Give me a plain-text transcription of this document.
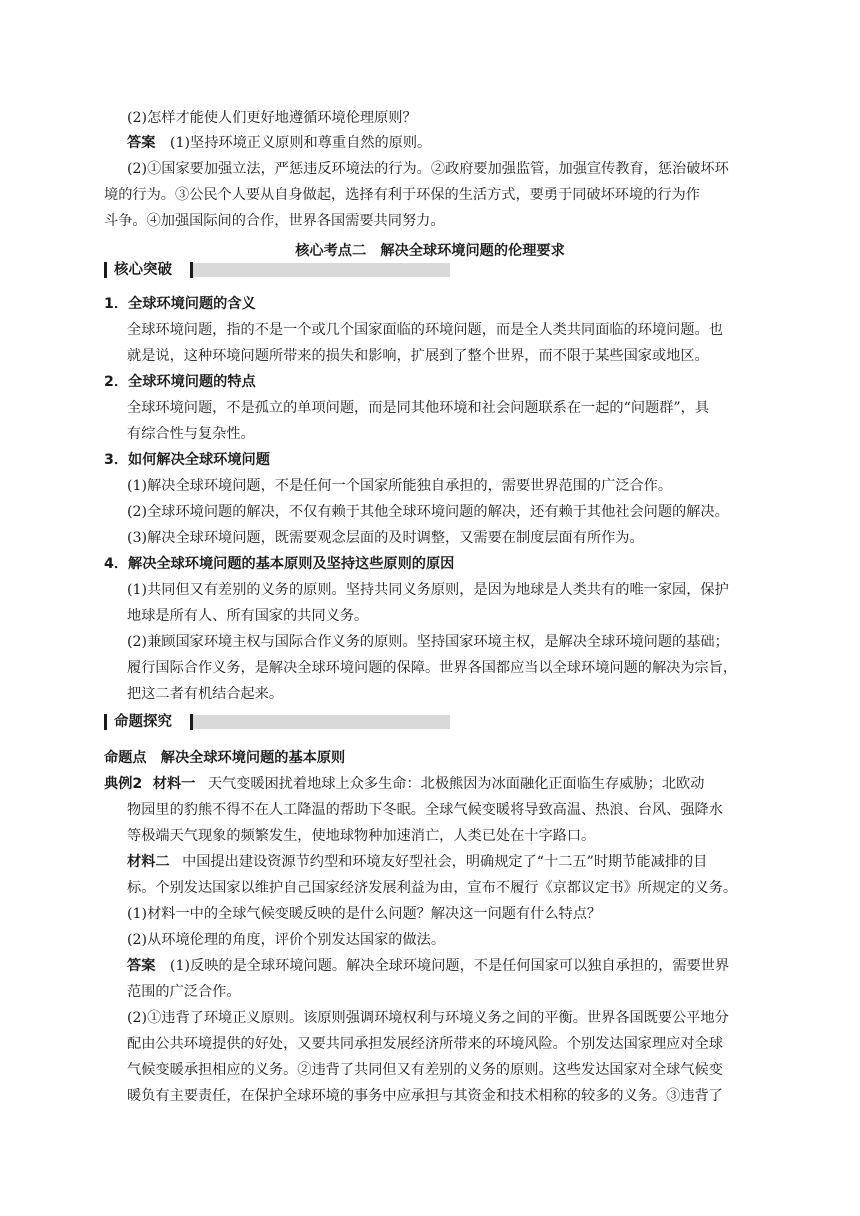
(2)怎样才能使人们更好地遵循环境伦理原则？
答案 (1)坚持环境正义原则和尊重自然的原则。
(2)①国家要加强立法，严惩违反环境法的行为。②政府要加强监管，加强宣传教育，惩治破坏环
境的行为。③公民个人要从自身做起，选择有利于环保的生活方式，要勇于同破坏环境的行为作
斗争。④加强国际间的合作，世界各国需要共同努力。
核心考点二　解决全球环境问题的伦理要求
核心突破
1．全球环境问题的含义
全球环境问题，指的不是一个或几个国家面临的环境问题，而是全人类共同面临的环境问题。也
就是说，这种环境问题所带来的损失和影响，扩展到了整个世界，而不限于某些国家或地区。
2．全球环境问题的特点
全球环境问题，不是孤立的单项问题，而是同其他环境和社会问题联系在一起的“问题群”，具
有综合性与复杂性。
3．如何解决全球环境问题
(1)解决全球环境问题，不是任何一个国家所能独自承担的，需要世界范围的广泛合作。
(2)全球环境问题的解决，不仅有赖于其他全球环境问题的解决，还有赖于其他社会问题的解决。
(3)解决全球环境问题，既需要观念层面的及时调整，又需要在制度层面有所作为。
4．解决全球环境问题的基本原则及坚持这些原则的原因
(1)共同但又有差别的义务的原则。坚持共同义务原则，是因为地球是人类共有的唯一家园，保护
地球是所有人、所有国家的共同义务。
(2)兼顾国家环境主权与国际合作义务的原则。坚持国家环境主权，是解决全球环境问题的基础；
履行国际合作义务，是解决全球环境问题的保障。世界各国都应当以全球环境问题的解决为宗旨，
把这二者有机结合起来。
命题探究
命题点　解决全球环境问题的基本原则
典例2 材料一 天气变暖困扰着地球上众多生命：北极熊因为冰面融化正面临生存威胁；北欧动
物园里的豹熊不得不在人工降温的帮助下冬眠。全球气候变暖将导致高温、热浪、台风、强降水
等极端天气现象的频繁发生，使地球物种加速消亡，人类已处在十字路口。
材料二 中国提出建设资源节约型和环境友好型社会，明确规定了“十二五”时期节能减排的目
标。个别发达国家以维护自己国家经济发展利益为由，宣布不履行《京都议定书》所规定的义务。
(1)材料一中的全球气候变暖反映的是什么问题？解决这一问题有什么特点？
(2)从环境伦理的角度，评价个别发达国家的做法。
答案 (1)反映的是全球环境问题。解决全球环境问题，不是任何国家可以独自承担的，需要世界
范围的广泛合作。
(2)①违背了环境正义原则。该原则强调环境权利与环境义务之间的平衡。世界各国既要公平地分
配由公共环境提供的好处，又要共同承担发展经济所带来的环境风险。个别发达国家理应对全球
气候变暖承担相应的义务。②违背了共同但又有差别的义务的原则。这些发达国家对全球气候变
暖负有主要责任，在保护全球环境的事务中应承担与其资金和技术相称的较多的义务。③违背了
